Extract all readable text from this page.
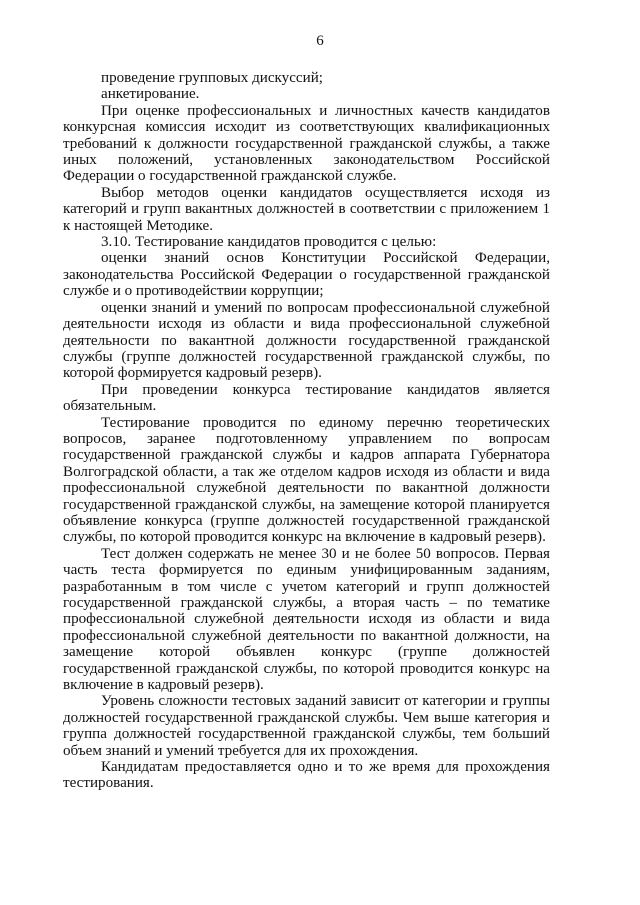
6

проведение групповых дискуссий;

анкетирование.

При оценке профессиональных и личностных качеств кандидатов конкурсная комиссия исходит из соответствующих квалификационных требований к должности государственной гражданской службы, а также иных положений, установленных законодательством Российской Федерации о государственной гражданской службе.

Выбор методов оценки кандидатов осуществляется исходя из категорий и групп вакантных должностей в соответствии с приложением 1 к настоящей Методике.

3.10. Тестирование кандидатов проводится с целью:

оценки знаний основ Конституции Российской Федерации, законодательства Российской Федерации о государственной гражданской службе и о противодействии коррупции;

оценки знаний и умений по вопросам профессиональной служебной деятельности исходя из области и вида профессиональной служебной деятельности по вакантной должности государственной гражданской службы (группе должностей государственной гражданской службы, по которой формируется кадровый резерв).

При проведении конкурса тестирование кандидатов является обязательным.

Тестирование проводится по единому перечню теоретических вопросов, заранее подготовленному управлением по вопросам государственной гражданской службы и кадров аппарата Губернатора Волгоградской области, а так же отделом кадров исходя из области и вида профессиональной служебной деятельности по вакантной должности государственной гражданской службы, на замещение которой планируется объявление конкурса (группе должностей государственной гражданской службы, по которой проводится конкурс на включение в кадровый резерв).

Тест должен содержать не менее 30 и не более 50 вопросов. Первая часть теста формируется по единым унифицированным заданиям, разработанным в том числе с учетом категорий и групп должностей государственной гражданской службы, а вторая часть – по тематике профессиональной служебной деятельности исходя из области и вида профессиональной служебной деятельности по вакантной должности, на замещение которой объявлен конкурс (группе должностей государственной гражданской службы, по которой проводится конкурс на включение в кадровый резерв).

Уровень сложности тестовых заданий зависит от категории и группы должностей государственной гражданской службы. Чем выше категория и группа должностей государственной гражданской службы, тем больший объем знаний и умений требуется для их прохождения.

Кандидатам предоставляется одно и то же время для прохождения тестирования.
